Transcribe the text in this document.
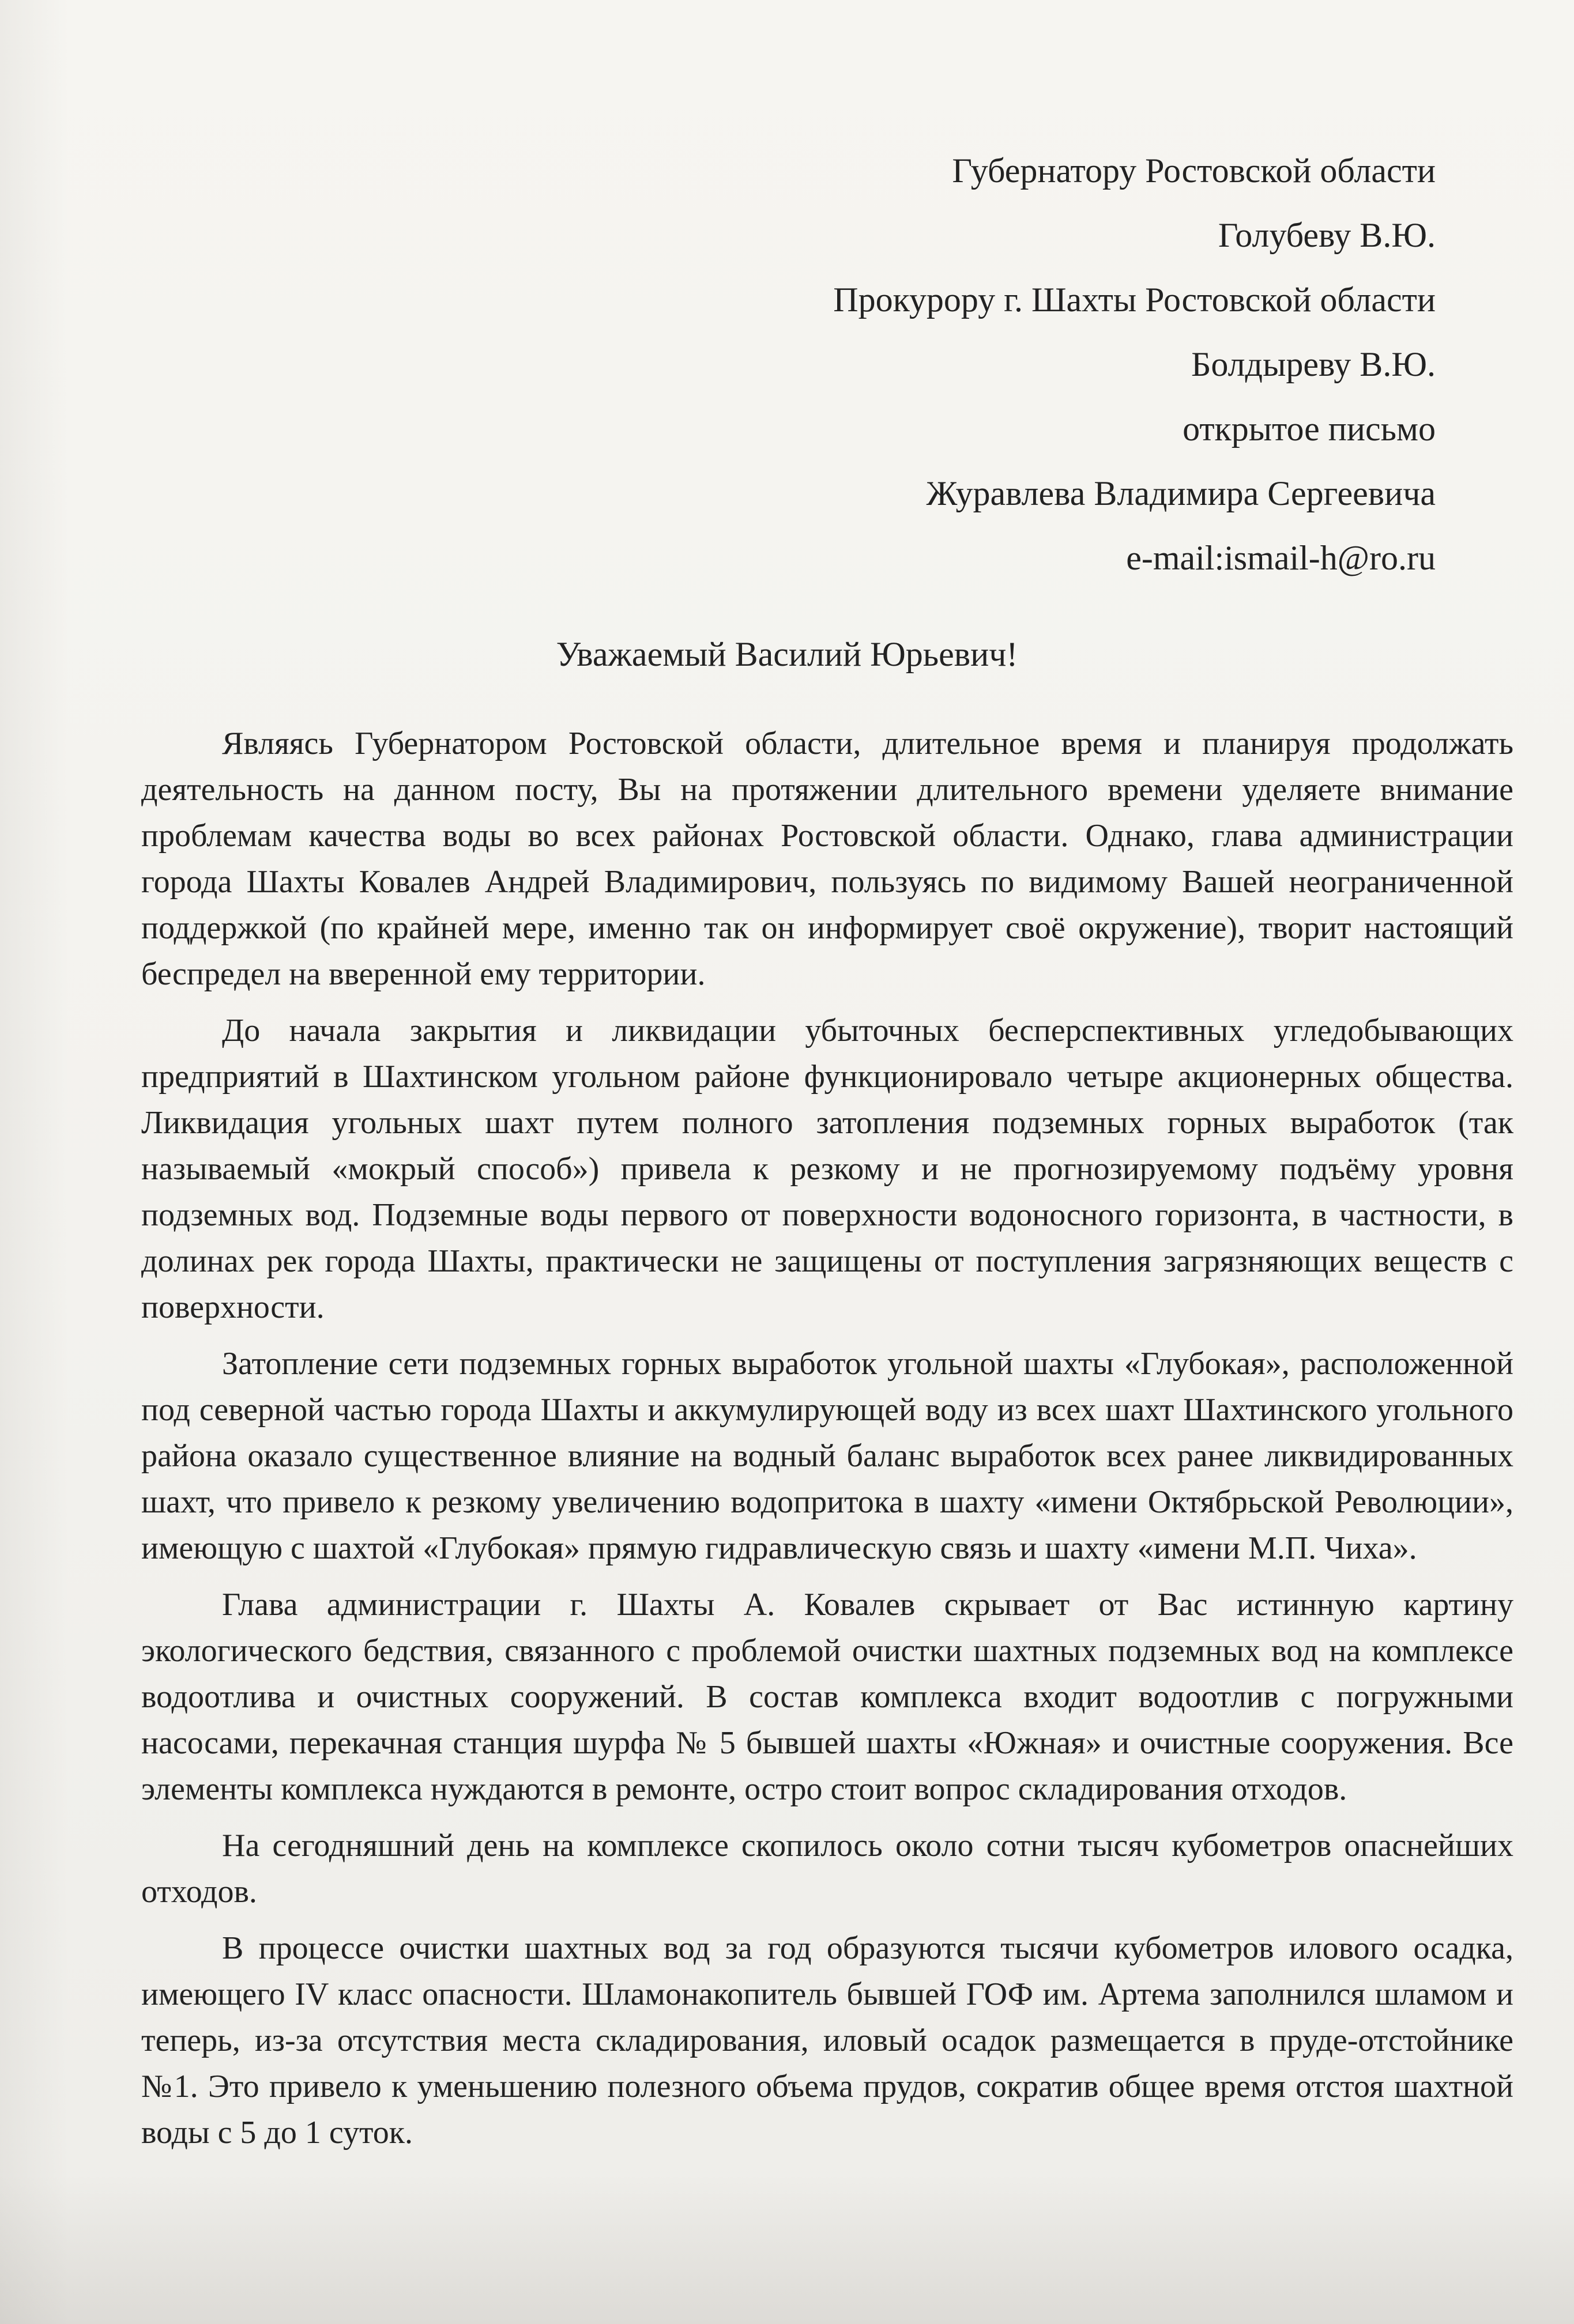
Губернатору Ростовской области
Голубеву В.Ю.
Прокурору г. Шахты Ростовской области
Болдыреву В.Ю.
открытое письмо
Журавлева Владимира Сергеевича
e-mail:ismail-h@ro.ru
Уважаемый Василий Юрьевич!

Являясь Губернатором Ростовской области, длительное время и планируя продолжать деятельность на данном посту, Вы на протяжении длительного времени уделяете внимание проблемам качества воды во всех районах Ростовской области. Однако, глава администрации города Шахты Ковалев Андрей Владимирович, пользуясь по видимому Вашей неограниченной поддержкой (по крайней мере, именно так он информирует своё окружение), творит настоящий беспредел на вверенной ему территории.

До начала закрытия и ликвидации убыточных бесперспективных угледобывающих предприятий в Шахтинском угольном районе функционировало четыре акционерных общества. Ликвидация угольных шахт путем полного затопления подземных горных выработок (так называемый «мокрый способ») привела к резкому и не прогнозируемому подъёму уровня подземных вод. Подземные воды первого от поверхности водоносного горизонта, в частности, в долинах рек города Шахты, практически не защищены от поступления загрязняющих веществ с поверхности.

Затопление сети подземных горных выработок угольной шахты «Глубокая», расположенной под северной частью города Шахты и аккумулирующей воду из всех шахт Шахтинского угольного района оказало существенное влияние на водный баланс выработок всех ранее ликвидированных шахт, что привело к резкому увеличению водопритока в шахту «имени Октябрьской Революции», имеющую с шахтой «Глубокая» прямую гидравлическую связь и шахту «имени М.П. Чиха».

Глава администрации г. Шахты А. Ковалев скрывает от Вас истинную картину экологического бедствия, связанного с проблемой очистки шахтных подземных вод на комплексе водоотлива и очистных сооружений. В состав комплекса входит водоотлив с погружными насосами, перекачная станция шурфа № 5 бывшей шахты «Южная» и очистные сооружения. Все элементы комплекса нуждаются в ремонте, остро стоит вопрос складирования отходов.

На сегодняшний день на комплексе скопилось около сотни тысяч кубометров опаснейших отходов.

В процессе очистки шахтных вод за год образуются тысячи кубометров илового осадка, имеющего IV класс опасности. Шламонакопитель бывшей ГОФ им. Артема заполнился шламом и теперь, из-за отсутствия места складирования, иловый осадок размещается в пруде-отстойнике №1. Это привело к уменьшению полезного объема прудов, сократив общее время отстоя шахтной воды с 5 до 1 суток.
